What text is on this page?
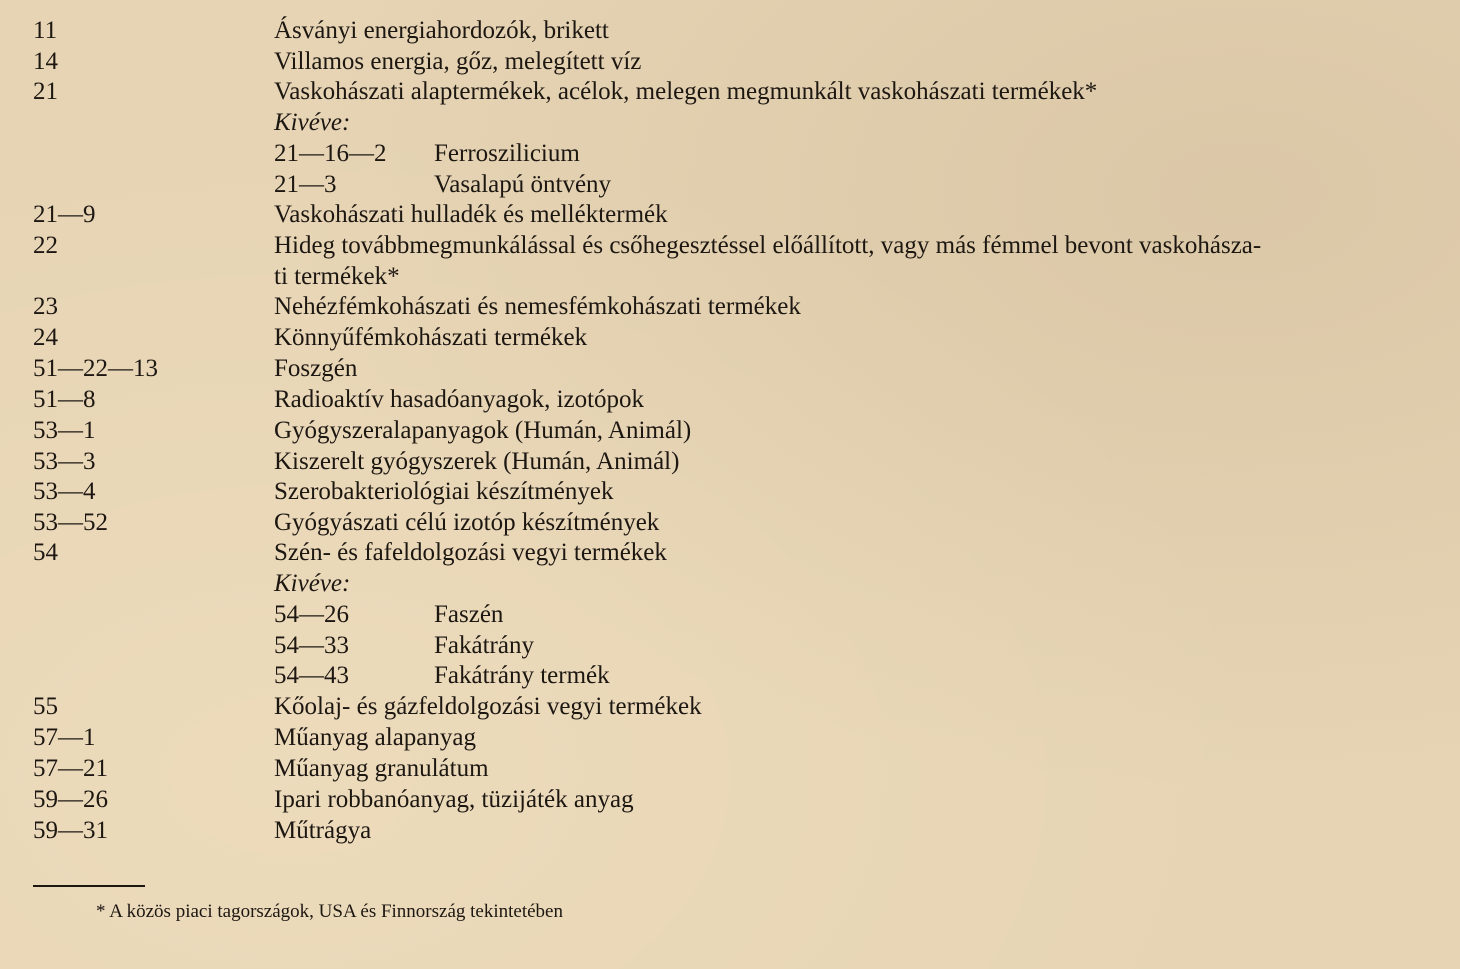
11	Ásványi energiahordozók, brikett
14	Villamos energia, gőz, melegített víz
21	Vaskohászati alaptermékek, acélok, melegen megmunkált vaskohászati termékek*
Kivéve:
21—16—2 Ferroszilicium
21—3	Vasalapú öntvény
21—9	Vaskohászati hulladék és melléktermék
22	Hideg továbbmegmunkálással és csőhegesztéssel előállított, vagy más fémmel bevont vaskohásza-
ti termékek*
23	Nehézfémkohászati és nemesfémkohászati termékek
24	Könnyűfémkohászati termékek
51—22—13	Foszgén
51—8	Radioaktív hasadóanyagok, izotópok
53—1	Gyógyszeralapanyagok (Humán, Animál)
53—3	Kiszerelt gyógyszerek (Humán, Animál)
53—4	Szerobakteriológiai készítmények
53—52	Gyógyászati célú izotóp készítmények
54	Szén- és fafeldolgozási vegyi termékek
Kivéve:
54—26	Faszén
54—33	Fakátrány
54—43	Fakátrány termék
55	Kőolaj- és gázfeldolgozási vegyi termékek
57—1	Műanyag alapanyag
57—21	Műanyag granulátum
59—26	Ipari robbanóanyag, tüzijáték anyag
59—31	Műtrágya
* A közös piaci tagországok, USA és Finnország tekintetében
